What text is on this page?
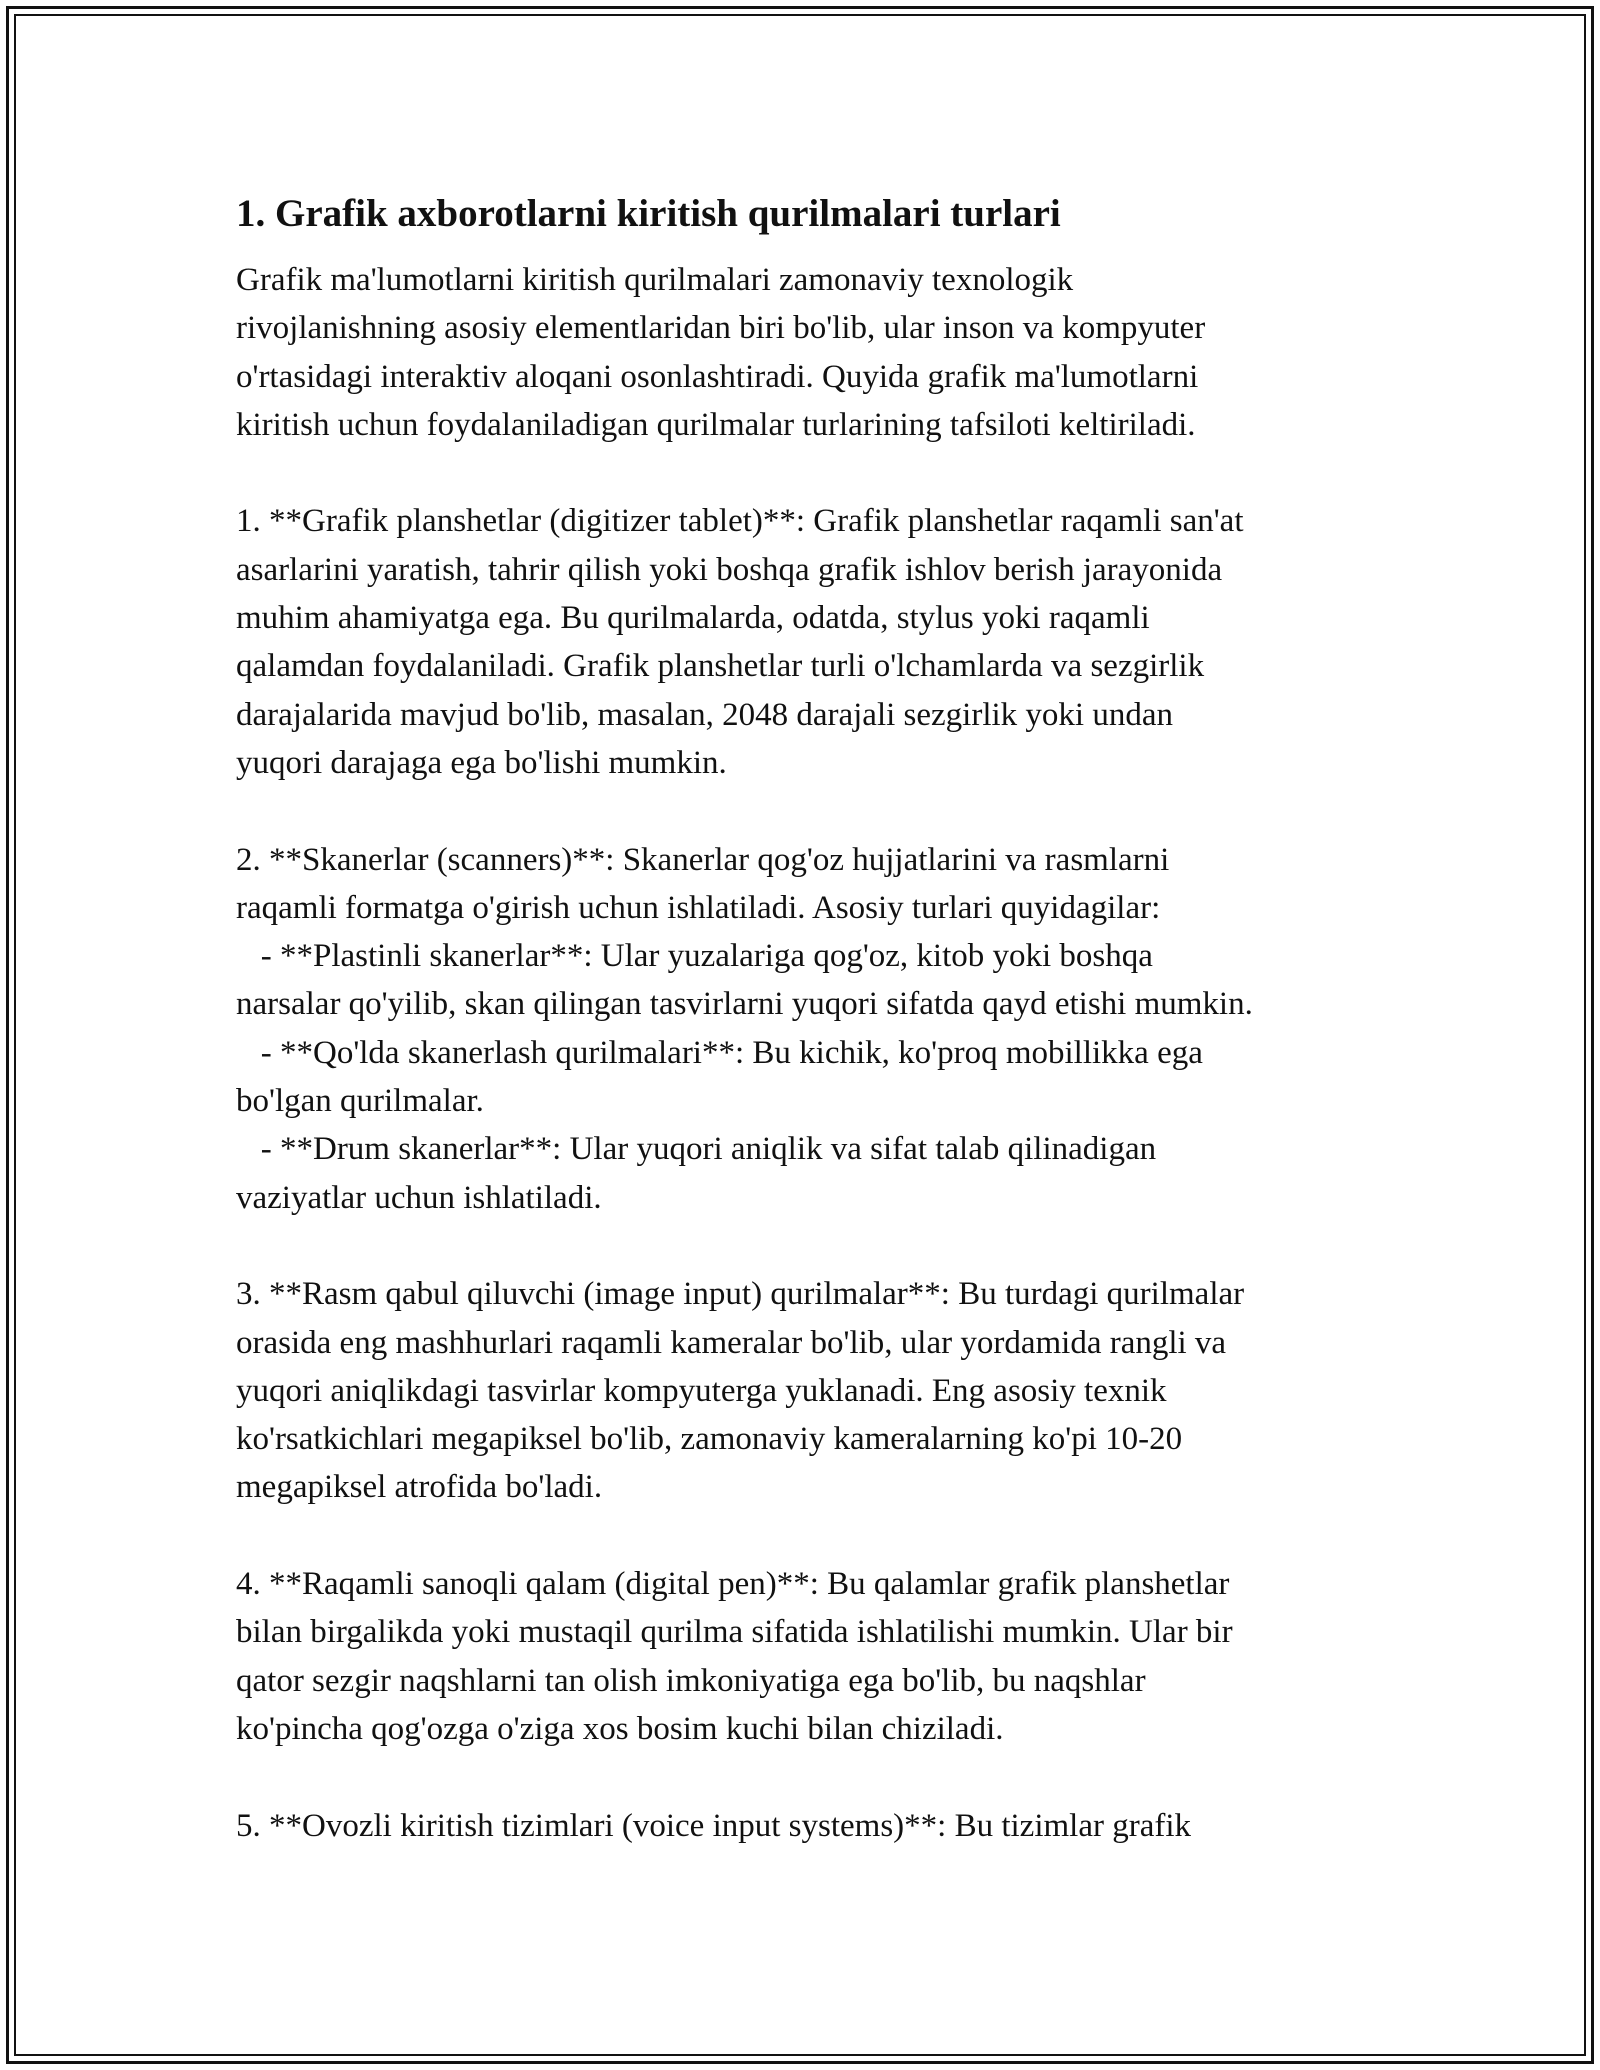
1. Grafik axborotlarni kiritish qurilmalari turlari

Grafik ma'lumotlarni kiritish qurilmalari zamonaviy texnologik

rivojlanishning asosiy elementlaridan biri bo'lib, ular inson va kompyuter

o'rtasidagi interaktiv aloqani osonlashtiradi. Quyida grafik ma'lumotlarni

kiritish uchun foydalaniladigan qurilmalar turlarining tafsiloti keltiriladi.

1. **Grafik planshetlar (digitizer tablet)**: Grafik planshetlar raqamli san'at

asarlarini yaratish, tahrir qilish yoki boshqa grafik ishlov berish jarayonida

muhim ahamiyatga ega. Bu qurilmalarda, odatda, stylus yoki raqamli

qalamdan foydalaniladi. Grafik planshetlar turli o'lchamlarda va sezgirlik

darajalarida mavjud bo'lib, masalan, 2048 darajali sezgirlik yoki undan

yuqori darajaga ega bo'lishi mumkin.

2. **Skanerlar (scanners)**: Skanerlar qog'oz hujjatlarini va rasmlarni

raqamli formatga o'girish uchun ishlatiladi. Asosiy turlari quyidagilar:

- **Plastinli skanerlar**: Ular yuzalariga qog'oz, kitob yoki boshqa

narsalar qo'yilib, skan qilingan tasvirlarni yuqori sifatda qayd etishi mumkin.

- **Qo'lda skanerlash qurilmalari**: Bu kichik, ko'proq mobillikka ega

bo'lgan qurilmalar.

- **Drum skanerlar**: Ular yuqori aniqlik va sifat talab qilinadigan

vaziyatlar uchun ishlatiladi.

3. **Rasm qabul qiluvchi (image input) qurilmalar**: Bu turdagi qurilmalar

orasida eng mashhurlari raqamli kameralar bo'lib, ular yordamida rangli va

yuqori aniqlikdagi tasvirlar kompyuterga yuklanadi. Eng asosiy texnik

ko'rsatkichlari megapiksel bo'lib, zamonaviy kameralarning ko'pi 10-20

megapiksel atrofida bo'ladi.

4. **Raqamli sanoqli qalam (digital pen)**: Bu qalamlar grafik planshetlar

bilan birgalikda yoki mustaqil qurilma sifatida ishlatilishi mumkin. Ular bir

qator sezgir naqshlarni tan olish imkoniyatiga ega bo'lib, bu naqshlar

ko'pincha qog'ozga o'ziga xos bosim kuchi bilan chiziladi.

5. **Ovozli kiritish tizimlari (voice input systems)**: Bu tizimlar grafik
